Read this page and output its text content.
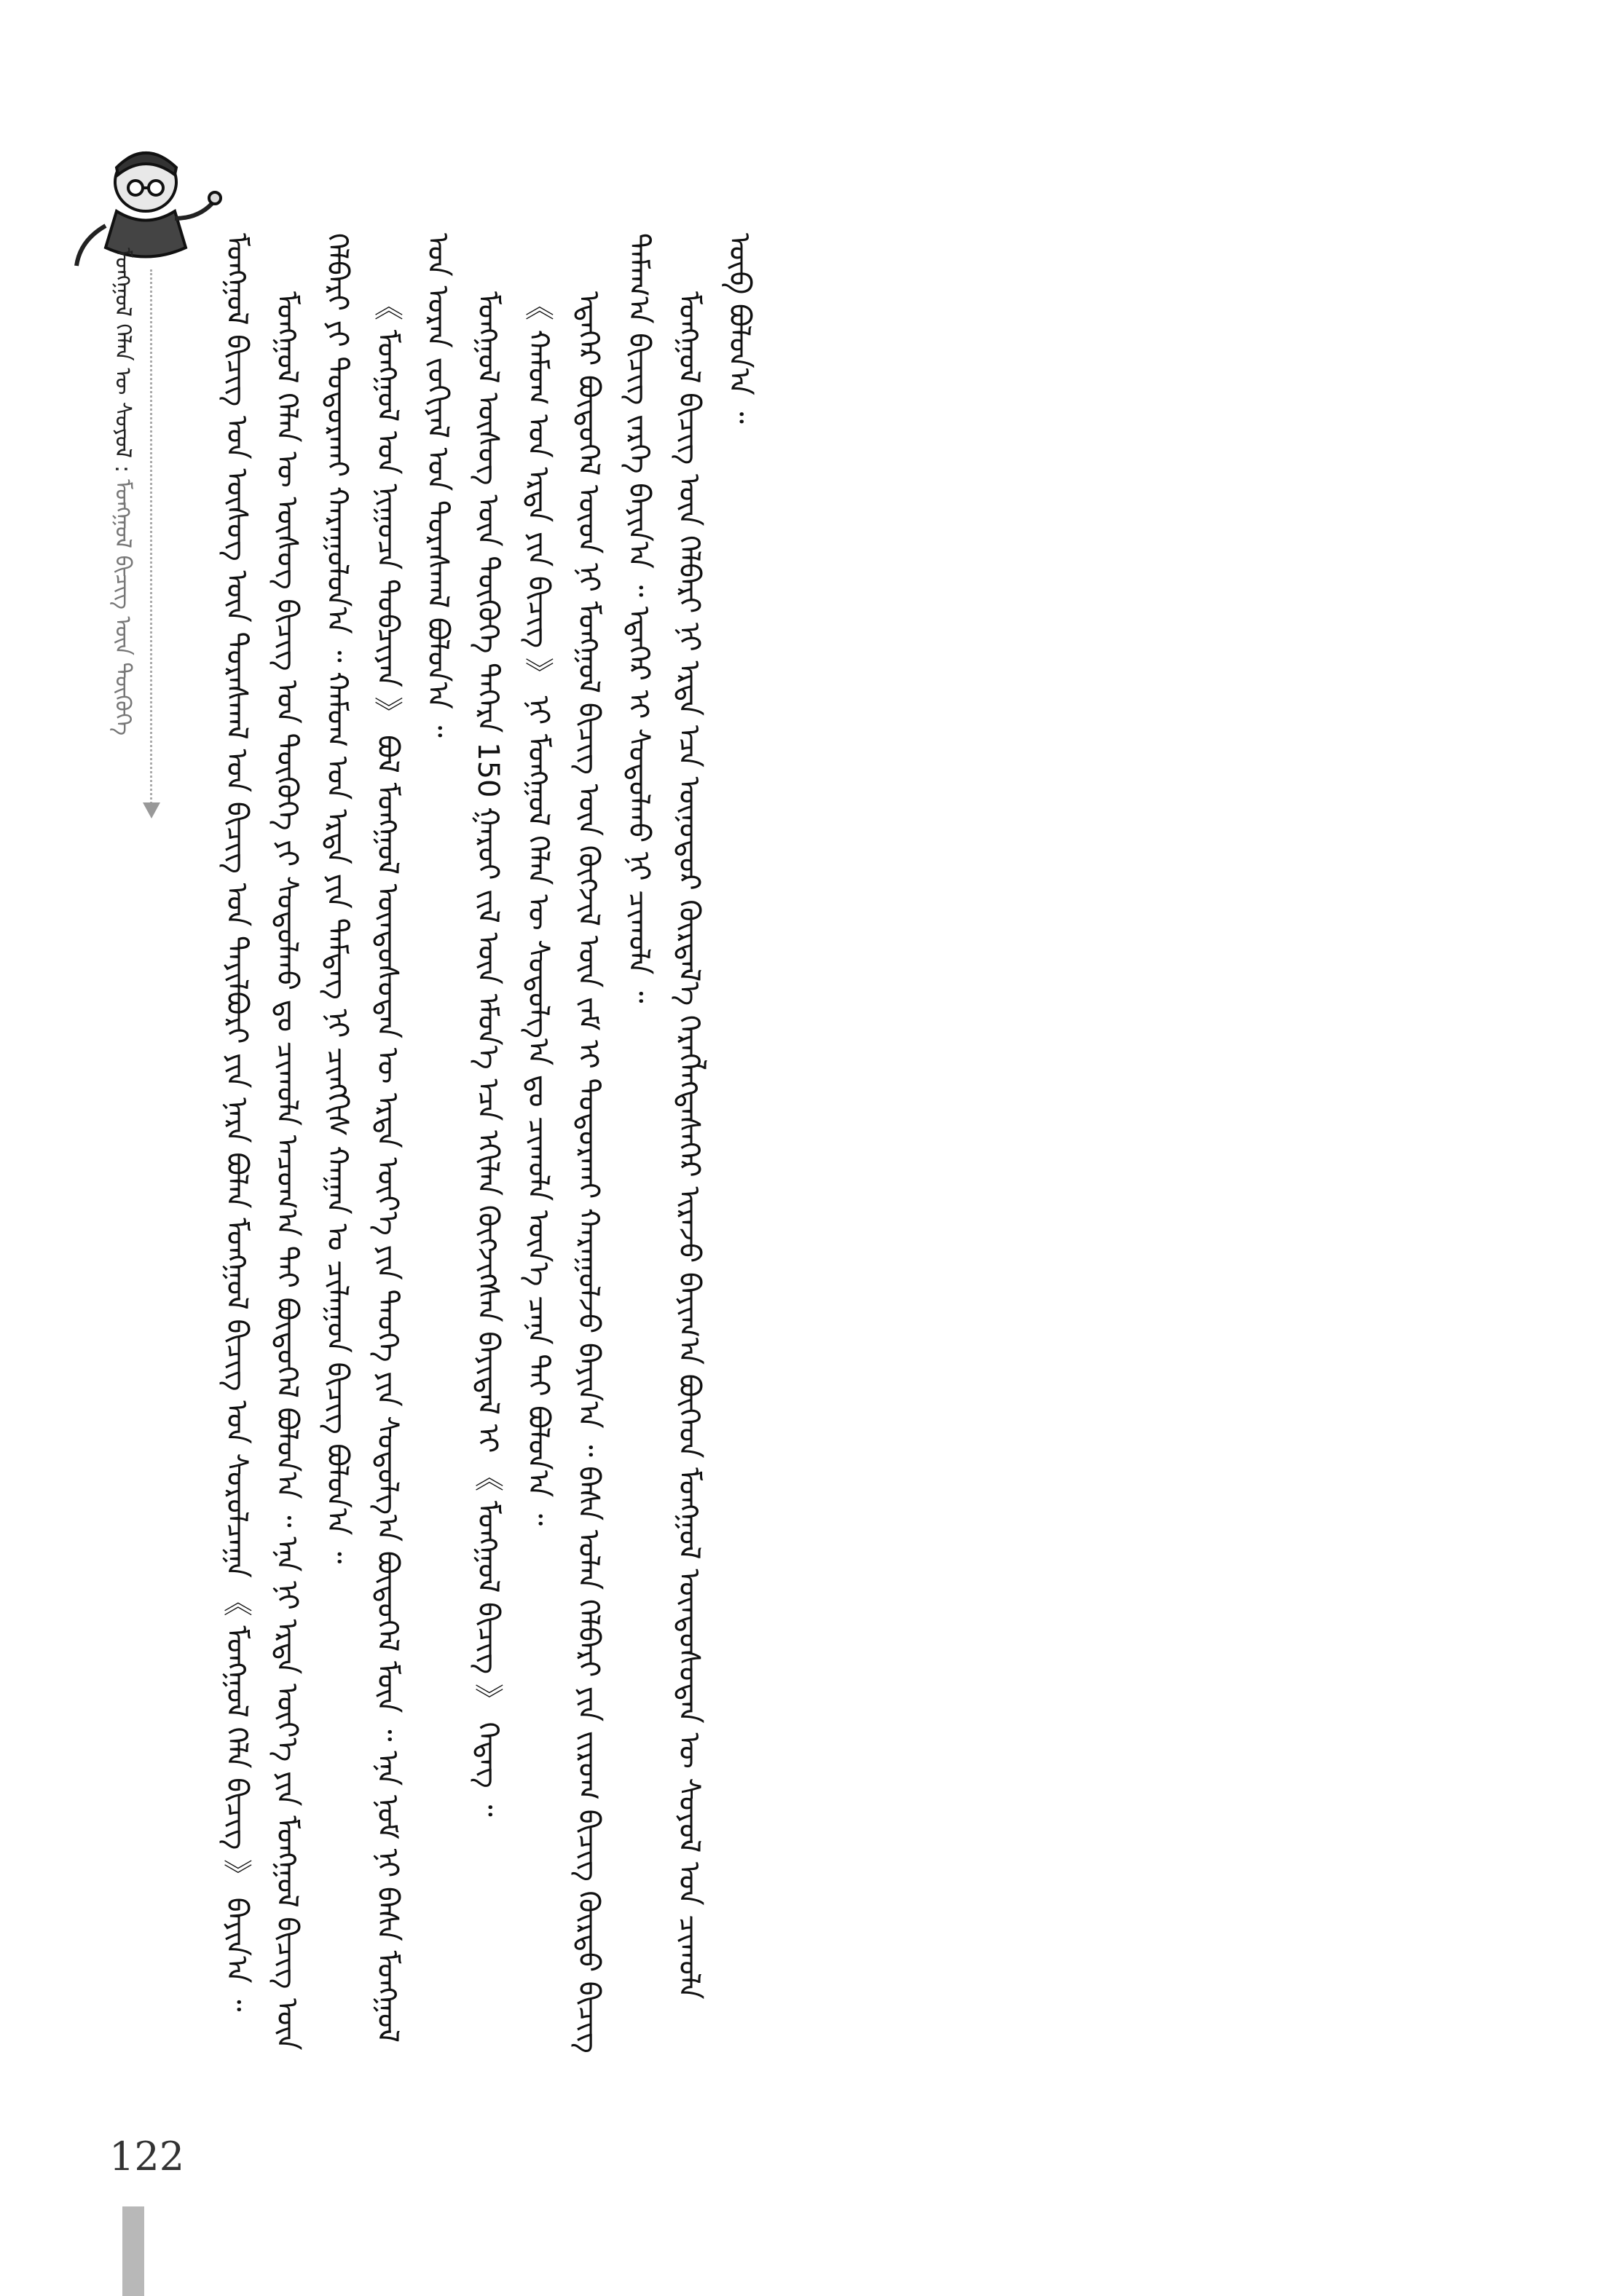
ᠮᠣᠩᠭᠣᠯ ᠬᠡᠯᠡᠨ ᠦ ᠰᠣᠶᠣᠯ : ᠮᠣᠩᠭᠣᠯ ᠪᠢᠴᠢᠭ ᠦᠨ ᠲᠦᠬᠦᠬᠡ	ᠮᠣᠩᠭᠣᠯ ᠪᠢᠴᠢᠭ ᠤᠨ ᠦᠰᠦᠭ ᠦᠨ ᠳᠤᠷᠠᠰᠬᠠᠯ ᠤᠨ ᠪᠢᠴᠢᠭ ᠤᠨ ᠲᠠᠶᠢᠯᠪᠤᠷᠢ ᠶᠢᠨ ᠨᠡᠷᠡ ᠪᠣᠯᠠᠨ ᠮᠣᠩᠭᠣᠯ ᠪᠢᠴᠢᠭ ᠤᠨ ᠰᠤᠷᠤᠯᠴᠠᠭᠠ 《 ᠮᠣᠩᠭᠣᠯ ᠬᠡᠯᠡ ᠪᠢᠴᠢᠭ 》 ᠪᠠᠶᠢᠨ᠎ᠠ ᠃ ᠮᠣᠩᠭᠣᠯ ᠬᠡᠯᠡᠨ ᠦ ᠦᠰᠦᠭ ᠪᠢᠴᠢᠭ ᠤᠨ ᠲᠦᠬᠦᠬᠡ ᠶᠢ ᠰᠤᠳᠤᠯᠬᠤ ᠳᠤ ᠴᠢᠬᠤᠯᠠ ᠠᠴᠤᠭ᠎ᠠ ᠲᠠᠢ ᠪᠦᠲᠦᠭᠡᠯ ᠪᠣᠯᠤᠨ᠎ᠠ ᠃ ᠡᠨᠡ ᠨᠢ ᠡᠷᠲᠡ ᠦᠶ᠎ᠡ ᠶᠢᠨ ᠮᠣᠩᠭᠣᠯ ᠪᠢᠴᠢᠭ ᠦᠨ ᠬᠡᠯᠪᠡᠷᠢ ᠶᠢ ᠲᠣᠳᠣᠷᠬᠠᠢ ᠬᠠᠷᠠᠭᠤᠯᠤᠨ᠎ᠠ ᠃ ᠬᠠᠮᠤᠭ ᠤᠨ ᠡᠷᠲᠡ ᠶᠢᠨ ᠲᠡᠮᠳᠡᠭ ᠨᠢ ᠴᠢᠩᠭᠢᠰ ᠬᠠᠭᠠᠨ ᠤ ᠴᠢᠯᠠᠭᠤᠨ ᠪᠢᠴᠢᠭ ᠪᠣᠯᠤᠨ᠎ᠠ ᠃ 《 ᠮᠣᠩᠭᠣᠯ ᠤᠨ ᠨᠢᠭᠤᠴᠠ ᠲᠣᠪᠴᠢᠶᠠᠨ 》 ᠪᠣᠯ ᠮᠣᠩᠭᠣᠯ ᠦᠨᠳᠦᠰᠦᠲᠡᠨ ᠦ ᠡᠷᠲᠡ ᠦᠶ᠎ᠡ ᠶᠢᠨ ᠲᠡᠦᠬᠡ ᠶᠢᠨ ᠰᠤᠳᠤᠯᠭ᠎ᠠ ᠪᠦᠲᠦᠭᠡᠯ ᠮᠥᠨ ᠃ ᠡᠨᠡ ᠨᠤᠮ ᠨᠢ ᠪᠠᠰᠠ ᠮᠣᠩᠭᠣᠯ ᠤᠨ ᠤᠷᠠᠨ ᠵᠣᠬᠢᠶᠠᠯ ᠤᠨ ᠳᠤᠷᠠᠰᠬᠠᠯ ᠪᠣᠯᠤᠨ᠎ᠠ ᠃ ᠮᠣᠩᠭᠣᠯ ᠦᠰᠦᠭ ᠦᠨ ᠲᠦᠬᠦᠬᠡ ᠳᠡᠭᠡᠷᠡ 150 ᠭᠠᠷᠤᠢ ᠵᠢᠯ ᠦᠨ ᠡᠮᠦᠨ᠎ᠡ ᠡᠴᠡ ᠡᠬᠢᠯᠡᠨ ᠬᠥᠭᠵᠢᠭᠰᠡᠨ ᠪᠠᠶᠢᠳᠠᠯ ᠢ 《 ᠮᠣᠩᠭᠣᠯ ᠪᠢᠴᠢᠭ 》 ᠭᠡᠳᠡᠭ ᠃ 《 ᠬᠠᠮᠤᠭ ᠤᠨ ᠡᠷᠲᠡ ᠶᠢᠨ ᠪᠢᠴᠢᠭ 》 ᠨᠢ ᠮᠣᠩᠭᠣᠯ ᠬᠡᠯᠡᠨ ᠦ ᠰᠤᠳᠤᠯᠭ᠎ᠠ ᠳᠤ ᠴᠢᠬᠤᠯᠠ ᠦᠨ᠎ᠡ ᠴᠡᠨᠡ ᠲᠠᠢ ᠪᠣᠯᠤᠨ᠎ᠠ ᠃ ᠡᠳᠡᠭᠡᠷ ᠪᠦᠲᠦᠭᠡᠯ ᠦᠳ ᠨᠢ ᠮᠣᠩᠭᠣᠯ ᠪᠢᠴᠢᠭ ᠦᠨ ᠬᠥᠭᠵᠢᠯ ᠦᠨ ᠵᠠᠮ ᠢ ᠲᠣᠳᠣᠷᠬᠠᠢ ᠬᠠᠷᠠᠭᠤᠯᠵᠤ ᠪᠠᠶᠢᠨ᠎ᠠ ᠃ ᠪᠠᠰᠠ ᠣᠯᠠᠨ ᠬᠡᠯᠪᠡᠷᠢ ᠶᠢᠨ ᠵᠢᠷᠤᠭ ᠪᠢᠴᠢᠭ ᠬᠦᠷᠳᠦ ᠪᠢᠴᠢᠭ ᠲᠠᠮᠠᠭ᠎ᠠ ᠪᠢᠴᠢᠭ ᠵᠡᠷᠭᠡ ᠪᠠᠶᠢᠨ᠎ᠠ ᠃ ᠡᠳᠡᠭᠡᠷ ᠢ ᠰᠤᠳᠤᠯᠬᠤ ᠨᠢ ᠴᠢᠬᠤᠯᠠ ᠃ ᠮᠣᠩᠭᠣᠯ ᠪᠢᠴᠢᠭ ᠦᠨ ᠬᠡᠯᠪᠡᠷᠢ ᠨᠢ ᠡᠷᠲᠡ ᠡᠴᠡ ᠥᠨᠥᠳᠦᠷ ᠬᠦᠷᠲᠡᠯ᠎ᠡ ᠬᠡᠷᠡᠭᠯᠡᠭᠳᠡᠰᠡᠭᠡᠷ ᠢᠷᠡᠵᠦ ᠪᠠᠶᠢᠭ᠎ᠠ ᠪᠥᠭᠡᠳ ᠮᠣᠩᠭᠣᠯ ᠦᠨᠳᠦᠰᠦᠲᠡᠨ ᠦ ᠰᠣᠶᠣᠯ ᠤᠨ ᠴᠢᠬᠤᠯᠠ ᠥᠪ ᠪᠣᠯᠤᠨ᠎ᠠ ᠃

122
